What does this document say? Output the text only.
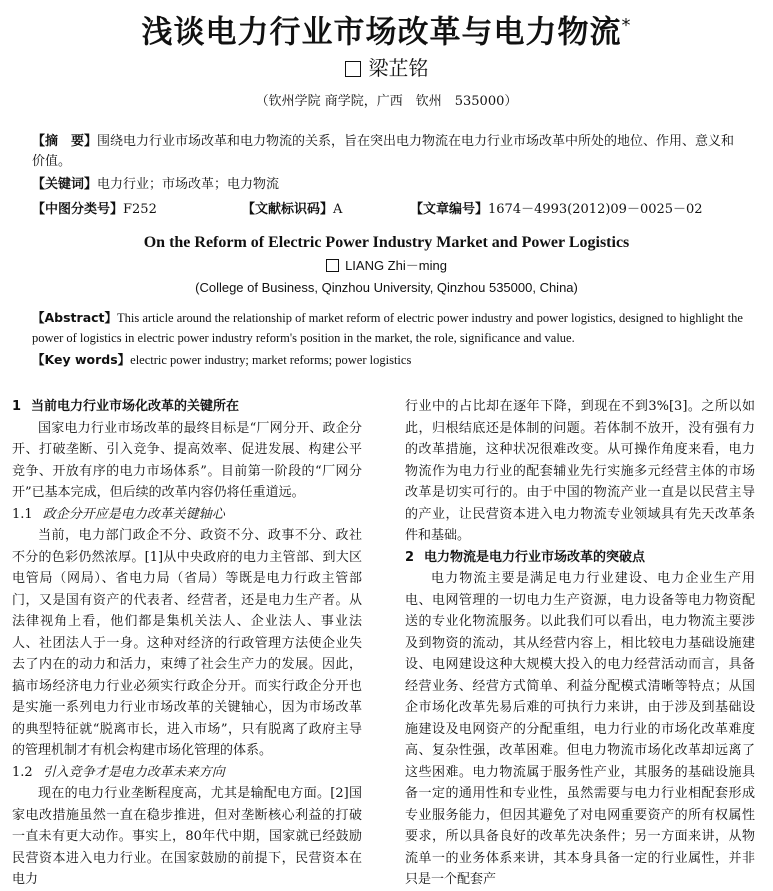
浅谈电力行业市场改革与电力物流*
梁芷铭
（钦州学院 商学院，广西　钦州　535000）
【摘　要】围绕电力行业市场改革和电力物流的关系，旨在突出电力物流在电力行业市场改革中所处的地位、作用、意义和价值。
【关键词】电力行业；市场改革；电力物流
【中图分类号】F252	【文献标识码】A	【文章编号】1674－4993(2012)09－0025－02
On the Reform of Electric Power Industry Market and Power Logistics
LIANG Zhi－ming
(College of Business, Qinzhou University, Qinzhou 535000, China)
【Abstract】This article around the relationship of market reform of electric power industry and power logistics, designed to highlight the power of logistics in electric power industry reform's position in the market, the role, significance and value.
【Key words】electric power industry; market reforms; power logistics
1 当前电力行业市场化改革的关键所在

国家电力行业市场改革的最终目标是“厂网分开、政企分开、打破垄断、引入竞争、提高效率、促进发展、构建公平竞争、开放有序的电力市场体系”。目前第一阶段的“厂网分开”已基本完成，但后续的改革内容仍将任重道远。

1.1 政企分开应是电力改革关键轴心

当前，电力部门政企不分、政资不分、政事不分、政社不分的色彩仍然浓厚。[1]从中央政府的电力主管部、到大区电管局（网局）、省电力局（省局）等既是电力行政主管部门，又是国有资产的代表者、经营者，还是电力生产者。从法律视角上看，他们都是集机关法人、企业法人、事业法人、社团法人于一身。这种对经济的行政管理方法使企业失去了内在的动力和活力，束缚了社会生产力的发展。因此，搞市场经济电力行业必须实行政企分开。而实行政企分开也是实施一系列电力行业市场改革的关键轴心，因为市场改革的典型特征就“脱离市长，进入市场”，只有脱离了政府主导的管理机制才有机会构建市场化管理的体系。

1.2 引入竞争才是电力改革未来方向

现在的电力行业垄断程度高，尤其是输配电方面。[2]国家电改措施虽然一直在稳步推进，但对垄断核心利益的打破一直未有更大动作。事实上，80年代中期，国家就已经鼓励民营资本进入电力行业。在国家鼓励的前提下，民营资本在电力

行业中的占比却在逐年下降，到现在不到3%[3]。之所以如此，归根结底还是体制的问题。若体制不放开，没有强有力的改革措施，这种状况很难改变。从可操作角度来看，电力物流作为电力行业的配套辅业先行实施多元经营主体的市场改革是切实可行的。由于中国的物流产业一直是以民营主导的产业，让民营资本进入电力物流专业领域具有先天改革条件和基础。

2 电力物流是电力行业市场改革的突破点

电力物流主要是满足电力行业建设、电力企业生产用电、电网管理的一切电力生产资源，电力设备等电力物资配送的专业化物流服务。以此我们可以看出，电力物流主要涉及到物资的流动，其从经营内容上，相比较电力基础设施建设、电网建设这种大规模大投入的电力经营活动而言，具备经营业务、经营方式简单、利益分配模式清晰等特点；从国企市场化改革先易后难的可执行力来讲，由于涉及到基础设施建设及电网资产的分配重组，电力行业的市场化改革难度高、复杂性强，改革困难。但电力物流市场化改革却远离了这些困难。电力物流属于服务性产业，其服务的基础设施具备一定的通用性和专业性，虽然需要与电力行业相配套形成专业服务能力，但因其避免了对电网重要资产的所有权属性要求，所以具备良好的改革先决条件；另一方面来讲，从物流单一的业务体系来讲，其本身具备一定的行业属性，并非只是一个配套产
